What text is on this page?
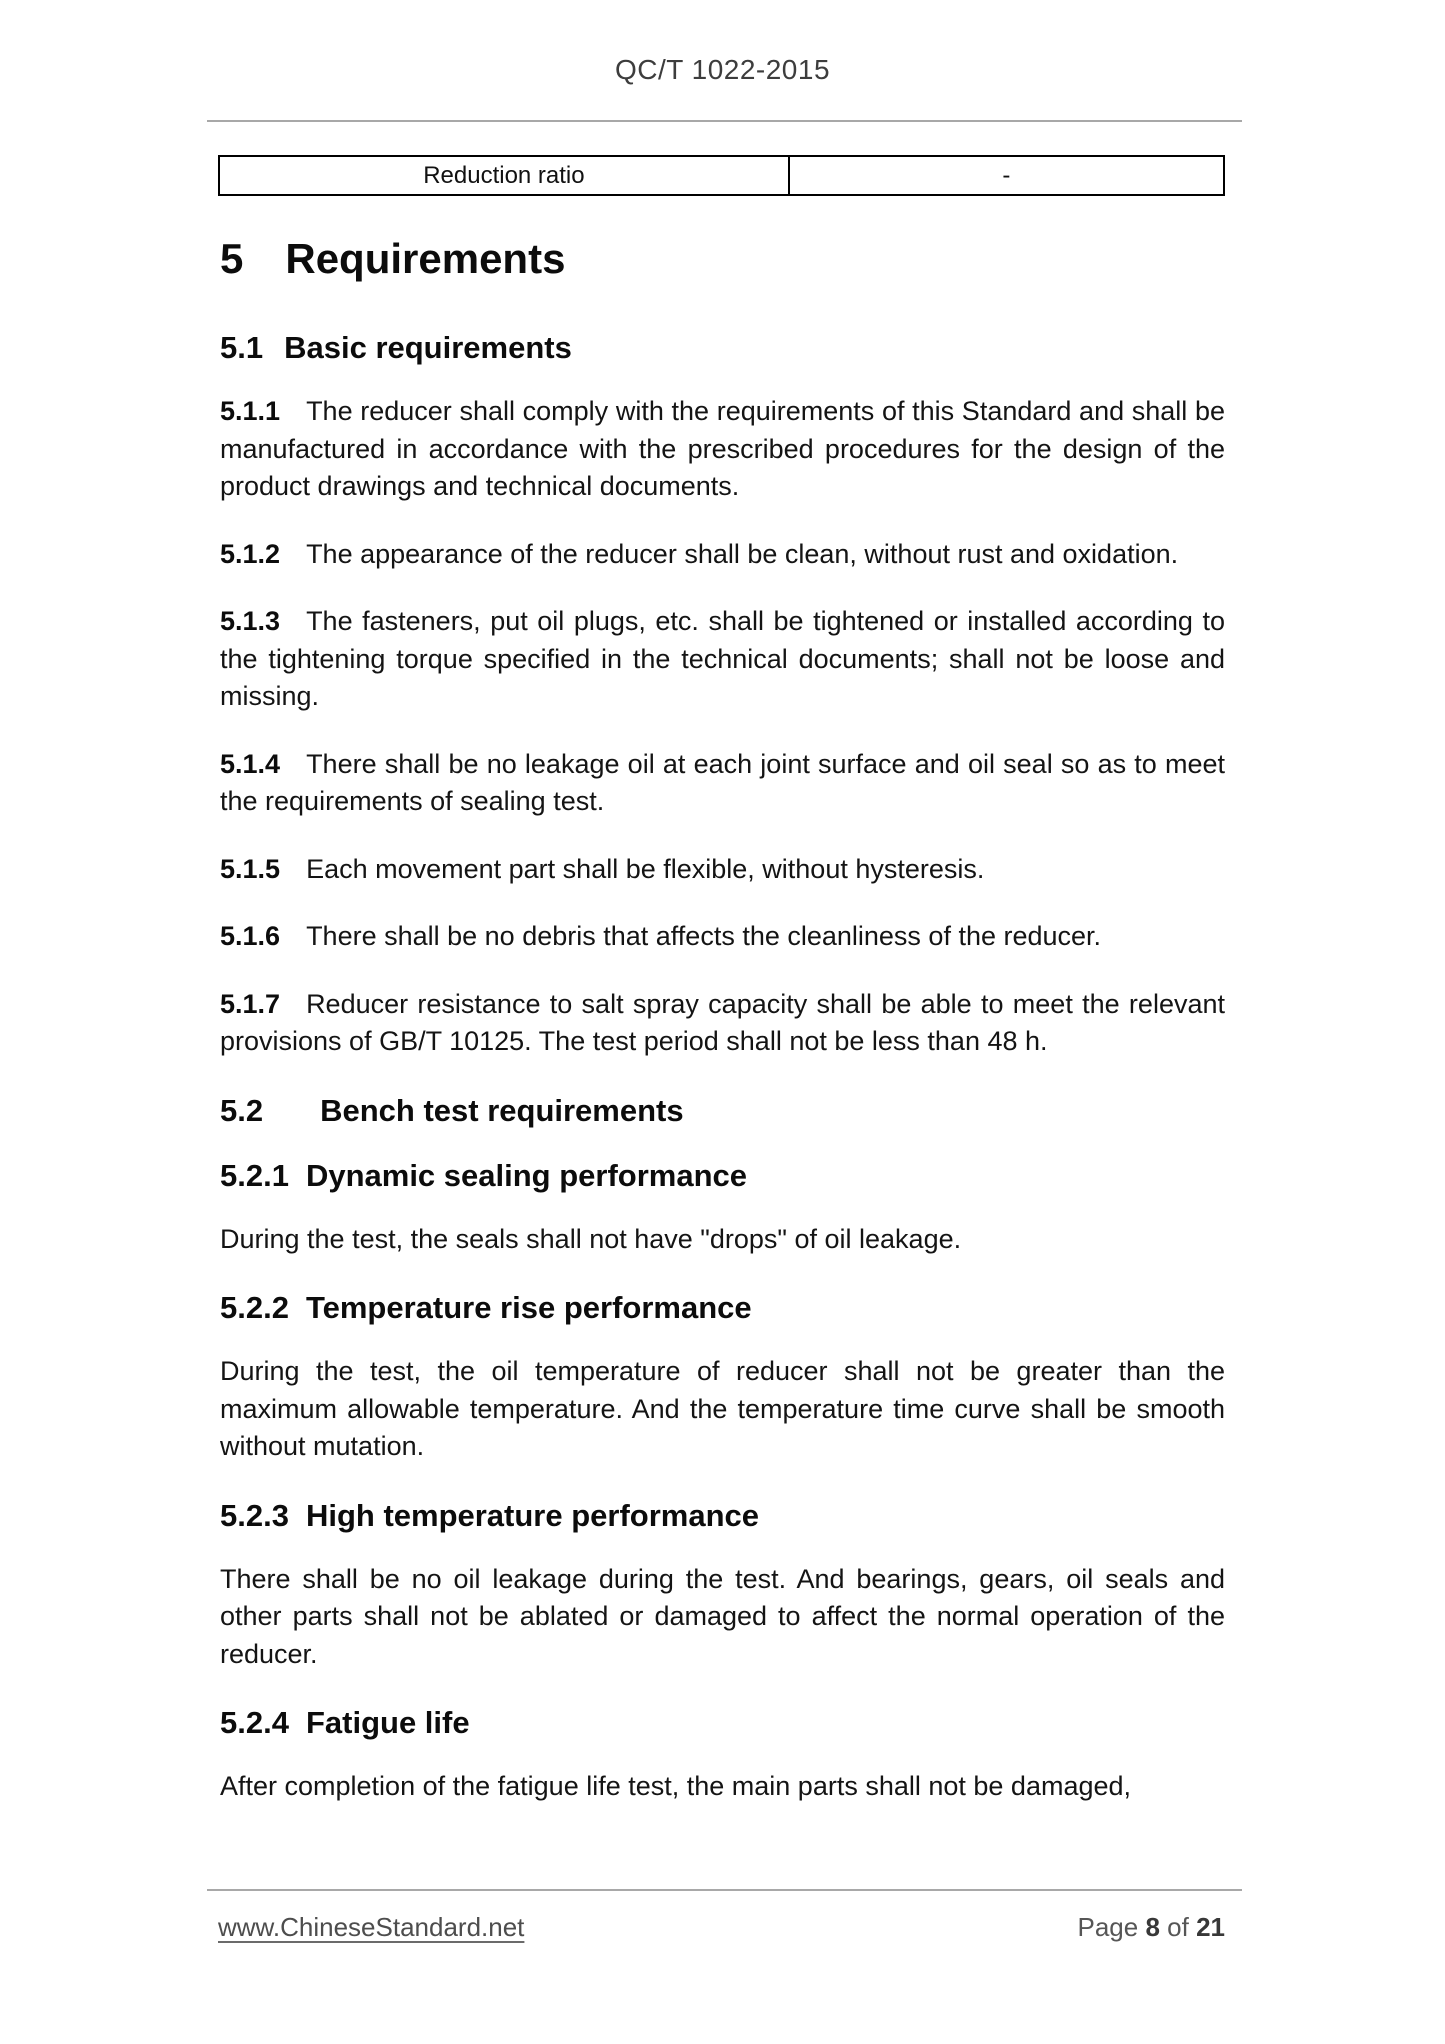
QC/T 1022-2015
Reduction ratio	-
5 Requirements
5.1 Basic requirements
5.1.1 The reducer shall comply with the requirements of this Standard and shall be manufactured in accordance with the prescribed procedures for the design of the product drawings and technical documents.
5.1.2 The appearance of the reducer shall be clean, without rust and oxidation.
5.1.3 The fasteners, put oil plugs, etc. shall be tightened or installed according to the tightening torque specified in the technical documents; shall not be loose and missing.
5.1.4 There shall be no leakage oil at each joint surface and oil seal so as to meet the requirements of sealing test.
5.1.5 Each movement part shall be flexible, without hysteresis.
5.1.6 There shall be no debris that affects the cleanliness of the reducer.
5.1.7 Reducer resistance to salt spray capacity shall be able to meet the relevant provisions of GB/T 10125. The test period shall not be less than 48 h.
5.2 Bench test requirements
5.2.1 Dynamic sealing performance
During the test, the seals shall not have "drops" of oil leakage.
5.2.2 Temperature rise performance
During the test, the oil temperature of reducer shall not be greater than the maximum allowable temperature. And the temperature time curve shall be smooth without mutation.
5.2.3 High temperature performance
There shall be no oil leakage during the test. And bearings, gears, oil seals and other parts shall not be ablated or damaged to affect the normal operation of the reducer.
5.2.4 Fatigue life
After completion of the fatigue life test, the main parts shall not be damaged,
www.ChineseStandard.net	Page 8 of 21
